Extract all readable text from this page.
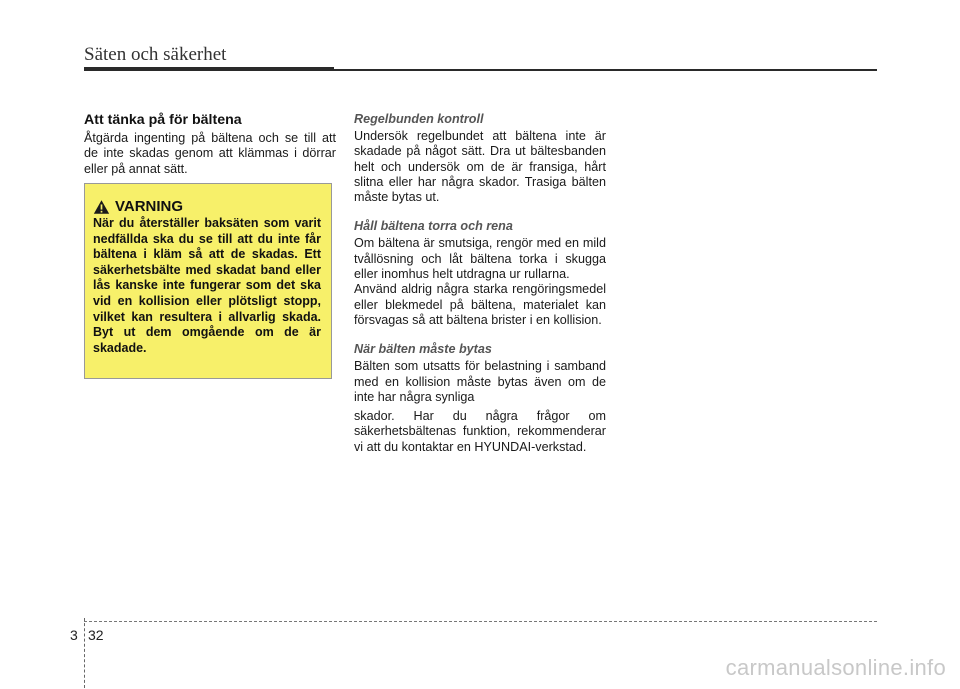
Säten och säkerhet
Att tänka på för bältena

Åtgärda ingenting på bältena och se till att de inte skadas genom att klämmas i dörrar eller på annat sätt.

VARNING

När du återställer baksäten som varit nedfällda ska du se till att du inte får bältena i kläm så att de skadas. Ett säkerhetsbälte med skadat band eller lås kanske inte fungerar som det ska vid en kollision eller plötsligt stopp, vilket kan resultera i allvarlig skada. Byt ut dem omgående om de är skadade.

Regelbunden kontroll

Undersök regelbundet att bältena inte är skadade på något sätt. Dra ut bältesbanden helt och undersök om de är fransiga, hårt slitna eller har några skador. Trasiga bälten måste bytas ut.

Håll bältena torra och rena

Om bältena är smutsiga, rengör med en mild tvållösning och låt bältena torka i skugga eller inomhus helt utdragna ur rullarna.

Använd aldrig några starka rengöringsmedel eller blekmedel på bältena, materialet kan försvagas så att bältena brister i en kollision.

När bälten måste bytas

Bälten som utsatts för belastning i samband med en kollision måste bytas även om de inte har några synliga

skador. Har du några frågor om säkerhetsbältenas funktion, rekommenderar vi att du kontaktar en HYUNDAI-verkstad.

3 32
carmanualsonline.info
